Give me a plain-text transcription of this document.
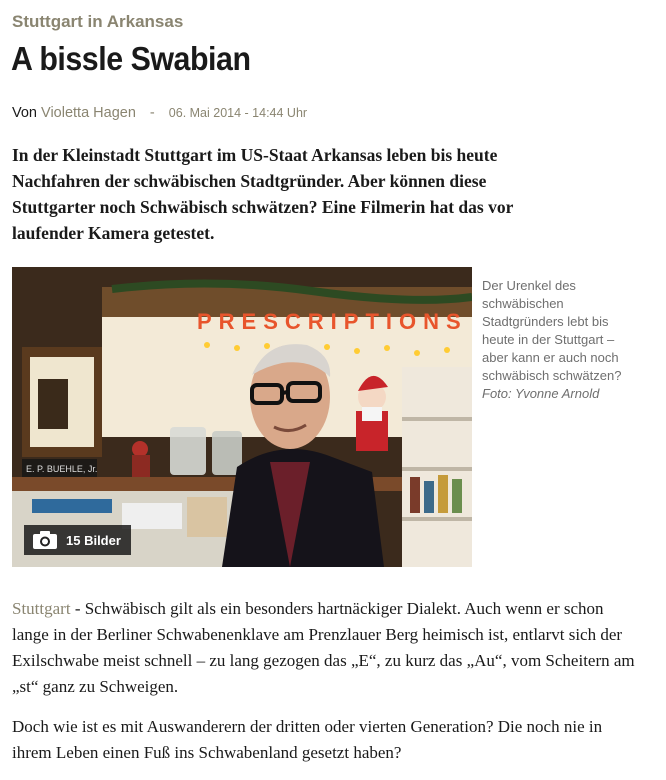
Stuttgart in Arkansas
A bissle Swabian
Von Violetta Hagen - 06. Mai 2014 - 14:44 Uhr

In der Kleinstadt Stuttgart im US-Staat Arkansas leben bis heute Nachfahren der schwäbischen Stadtgründer. Aber können diese Stuttgarter noch Schwäbisch schwätzen? Eine Filmerin hat das vor laufender Kamera getestet.

PRESCRIPTIONS
E. P. BUEHLE, Jr.
15 Bilder
Der Urenkel des schwäbischen Stadtgründers lebt bis heute in der Stuttgart – aber kann er auch noch schwäbisch schwätzen?
Foto: Yvonne Arnold

Stuttgart - Schwäbisch gilt als ein besonders hartnäckiger Dialekt. Auch wenn er schon lange in der Berliner Schwabenenklave am Prenzlauer Berg heimisch ist, entlarvt sich der Exilschwabe meist schnell – zu lang gezogen das „E“, zu kurz das „Au“, vom Scheitern am „st“ ganz zu Schweigen.

Doch wie ist es mit Auswanderern der dritten oder vierten Generation? Die noch nie in ihrem Leben einen Fuß ins Schwabenland gesetzt haben?
